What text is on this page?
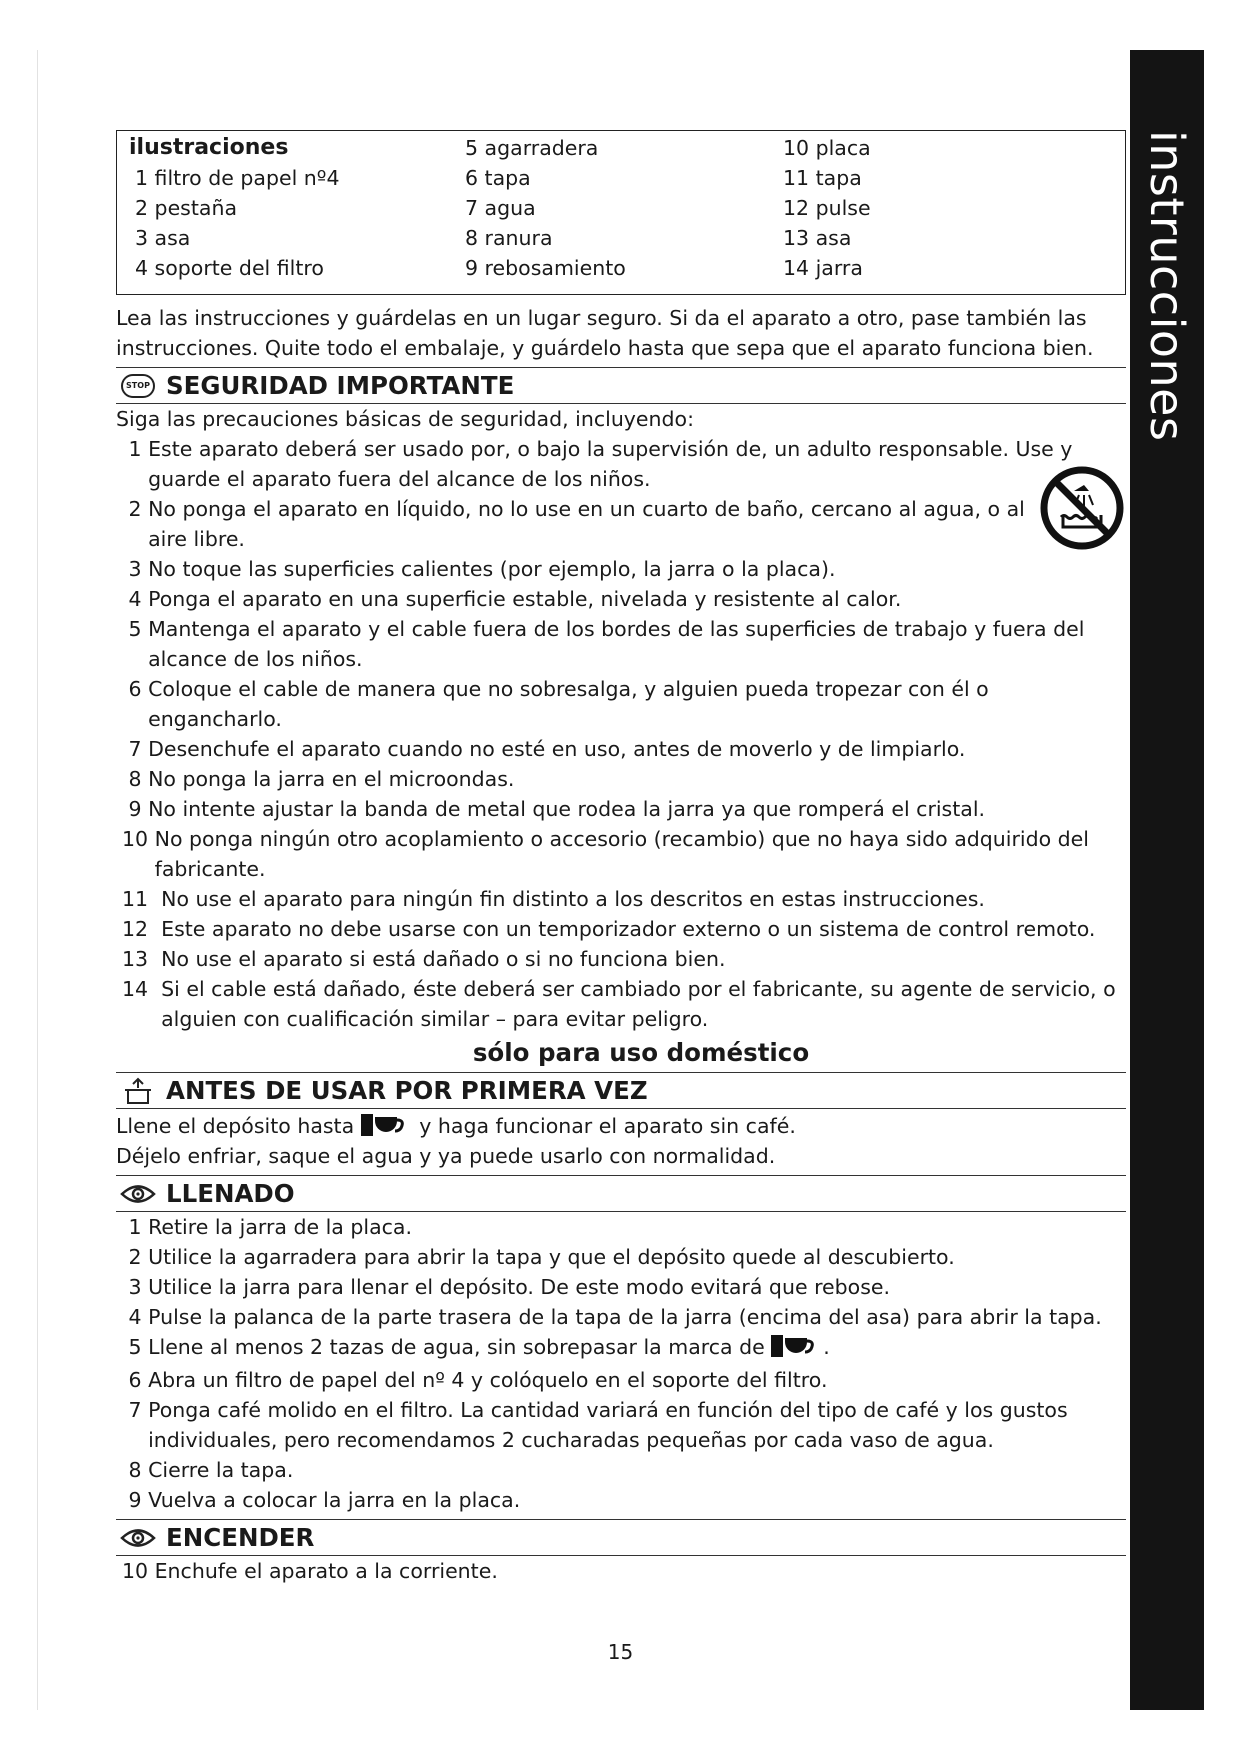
instrucciones
ilustraciones
1 filtro de papel nº4
2 pestaña
3 asa
4 soporte del filtro
5 agarradera
6 tapa
7 agua
8 ranura
9 rebosamiento
10 placa
11 tapa
12 pulse
13 asa
14 jarra

Lea las instrucciones y guárdelas en un lugar seguro. Si da el aparato a otro, pase también las

instrucciones. Quite todo el embalaje, y guárdelo hasta que sepa que el aparato funciona bien.

STOP SEGURIDAD IMPORTANTE
Siga las precauciones básicas de seguridad, incluyendo:
1 Este aparato deberá ser usado por, o bajo la supervisión de, un adulto responsable. Use y
guarde el aparato fuera del alcance de los niños.
2 No ponga el aparato en líquido, no lo use en un cuarto de baño, cercano al agua, o al
aire libre.
3 No toque las superficies calientes (por ejemplo, la jarra o la placa).
4 Ponga el aparato en una superficie estable, nivelada y resistente al calor.
5 Mantenga el aparato y el cable fuera de los bordes de las superficies de trabajo y fuera del
alcance de los niños.
6 Coloque el cable de manera que no sobresalga, y alguien pueda tropezar con él o
engancharlo.
7 Desenchufe el aparato cuando no esté en uso, antes de moverlo y de limpiarlo.
8 No ponga la jarra en el microondas.
9 No intente ajustar la banda de metal que rodea la jarra ya que romperá el cristal.
10 No ponga ningún otro acoplamiento o accesorio (recambio) que no haya sido adquirido del
fabricante.
11 No use el aparato para ningún fin distinto a los descritos en estas instrucciones.
12 Este aparato no debe usarse con un temporizador externo o un sistema de control remoto.
13 No use el aparato si está dañado o si no funciona bien.
14 Si el cable está dañado, éste deberá ser cambiado por el fabricante, su agente de servicio, o
alguien con cualificación similar – para evitar peligro.
sólo para uso doméstico
ANTES DE USAR POR PRIMERA VEZ
Llene el depósito hasta	y haga funcionar el aparato sin café.
Déjelo enfriar, saque el agua y ya puede usarlo con normalidad.
LLENADO
1 Retire la jarra de la placa.
2 Utilice la agarradera para abrir la tapa y que el depósito quede al descubierto.
3 Utilice la jarra para llenar el depósito. De este modo evitará que rebose.
4 Pulse la palanca de la parte trasera de la tapa de la jarra (encima del asa) para abrir la tapa.
5 Llene al menos 2 tazas de agua, sin sobrepasar la marca de	.
6 Abra un filtro de papel del nº 4 y colóquelo en el soporte del filtro.
7 Ponga café molido en el filtro. La cantidad variará en función del tipo de café y los gustos
individuales, pero recomendamos 2 cucharadas pequeñas por cada vaso de agua.
8 Cierre la tapa.
9 Vuelva a colocar la jarra en la placa.
ENCENDER
10 Enchufe el aparato a la corriente.
15
